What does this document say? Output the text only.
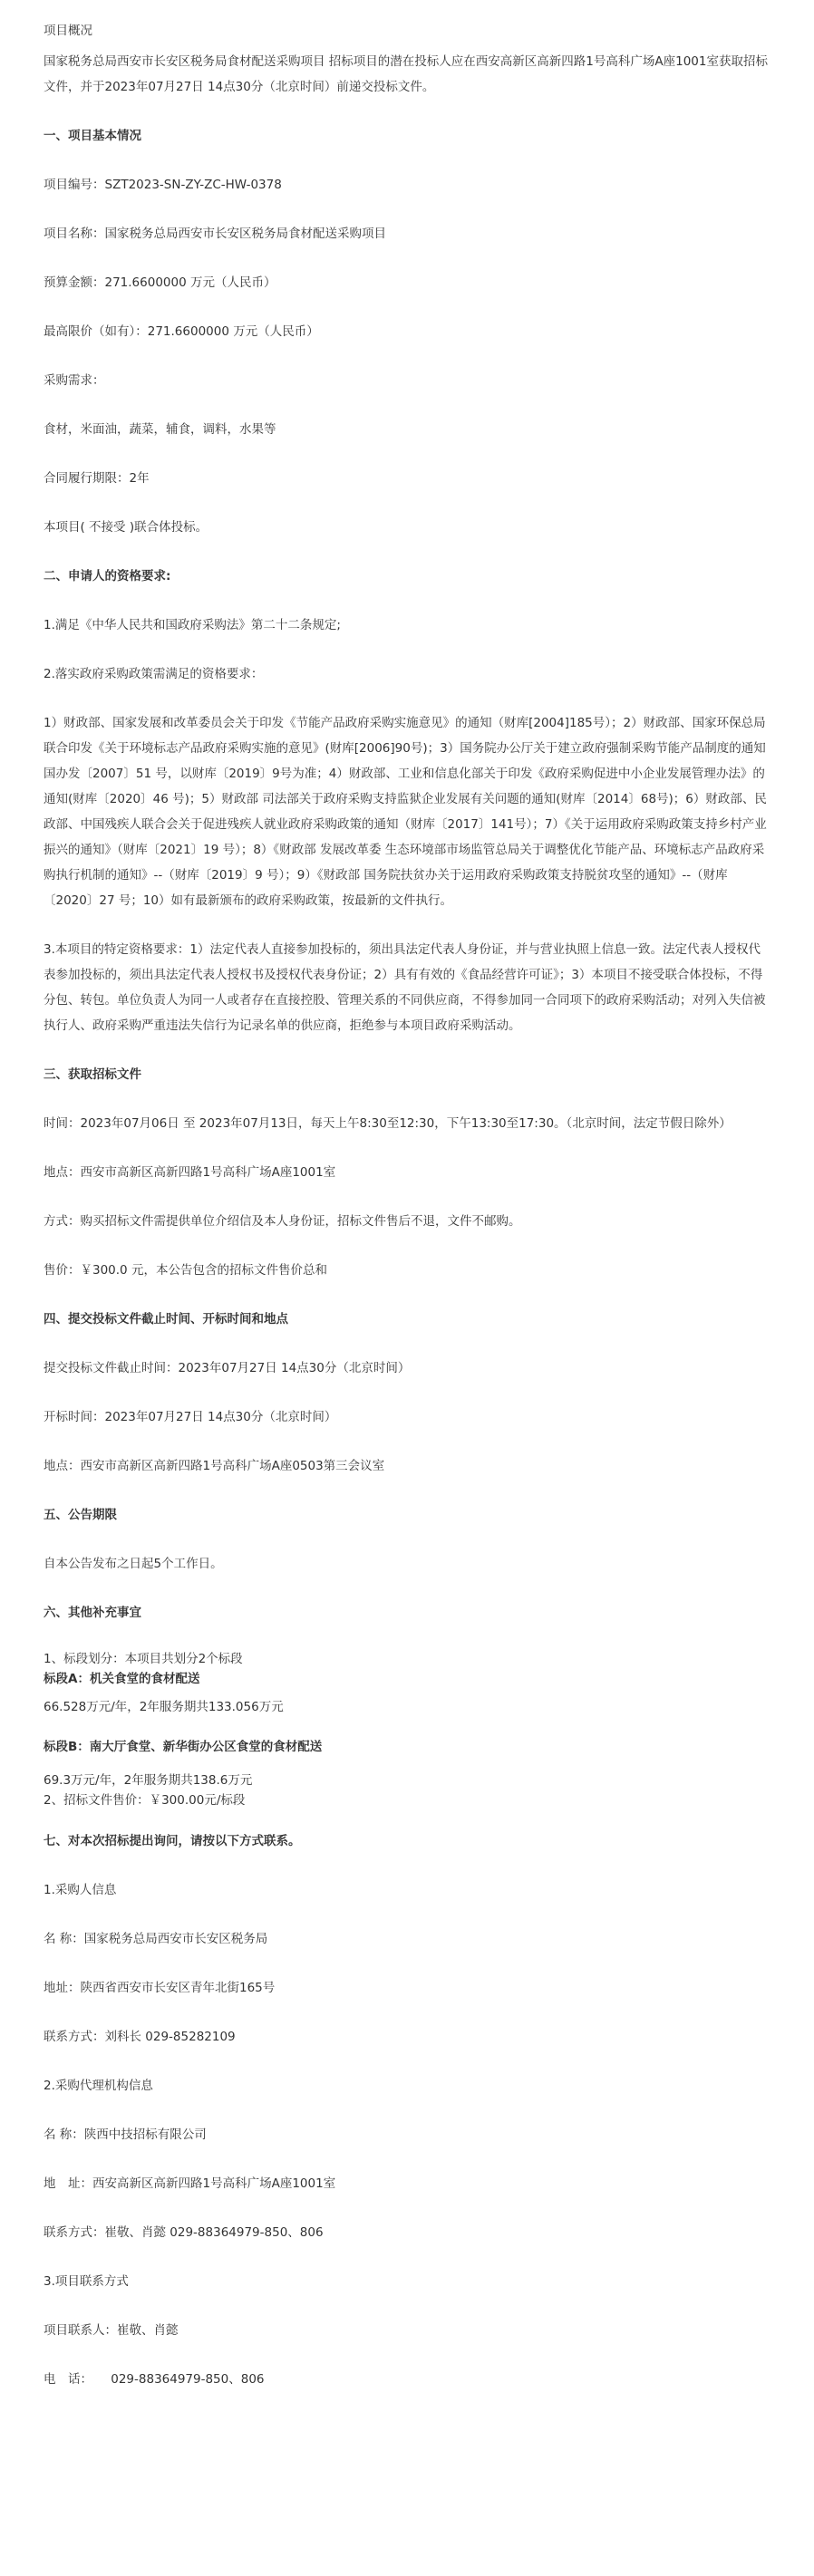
项目概况

国家税务总局西安市长安区税务局食材配送采购项目 招标项目的潜在投标人应在西安高新区高新四路1号高科广场A座1001室获取招标文件，并于2023年07月27日 14点30分（北京时间）前递交投标文件。

一、项目基本情况

项目编号：SZT2023-SN-ZY-ZC-HW-0378

项目名称：国家税务总局西安市长安区税务局食材配送采购项目

预算金额：271.6600000 万元（人民币）

最高限价（如有）：271.6600000 万元（人民币）

采购需求：

食材，米面油，蔬菜，辅食，调料，水果等

合同履行期限：2年

本项目( 不接受 )联合体投标。

二、申请人的资格要求:

1.满足《中华人民共和国政府采购法》第二十二条规定;

2.落实政府采购政策需满足的资格要求：

1）财政部、国家发展和改革委员会关于印发《节能产品政府采购实施意见》的通知（财库[2004]185号）；2）财政部、国家环保总局联合印发《关于环境标志产品政府采购实施的意见》(财库[2006]90号)；3）国务院办公厅关于建立政府强制采购节能产品制度的通知国办发〔2007〕51 号，以财库〔2019〕9号为准；4）财政部、工业和信息化部关于印发《政府采购促进中小企业发展管理办法》的通知(财库〔2020〕46 号)；5）财政部 司法部关于政府采购支持监狱企业发展有关问题的通知(财库〔2014〕68号)；6）财政部、民政部、中国残疾人联合会关于促进残疾人就业政府采购政策的通知（财库〔2017〕141号）；7）《关于运用政府采购政策支持乡村产业振兴的通知》（财库〔2021〕19 号）；8）《财政部 发展改革委 生态环境部市场监管总局关于调整优化节能产品、环境标志产品政府采购执行机制的通知》--（财库〔2019〕9 号）；9）《财政部 国务院扶贫办关于运用政府采购政策支持脱贫攻坚的通知》--（财库〔2020〕27 号；10）如有最新颁布的政府采购政策，按最新的文件执行。

3.本项目的特定资格要求：1）法定代表人直接参加投标的，须出具法定代表人身份证，并与营业执照上信息一致。法定代表人授权代表参加投标的，须出具法定代表人授权书及授权代表身份证；2）具有有效的《食品经营许可证》；3）本项目不接受联合体投标，不得分包、转包。单位负责人为同一人或者存在直接控股、管理关系的不同供应商，不得参加同一合同项下的政府采购活动；对列入失信被执行人、政府采购严重违法失信行为记录名单的供应商，拒绝参与本项目政府采购活动。

三、获取招标文件

时间：2023年07月06日 至 2023年07月13日，每天上午8:30至12:30，下午13:30至17:30。（北京时间，法定节假日除外）

地点：西安市高新区高新四路1号高科广场A座1001室

方式：购买招标文件需提供单位介绍信及本人身份证，招标文件售后不退，文件不邮购。

售价：￥300.0 元，本公告包含的招标文件售价总和

四、提交投标文件截止时间、开标时间和地点

提交投标文件截止时间：2023年07月27日 14点30分（北京时间）

开标时间：2023年07月27日 14点30分（北京时间）

地点：西安市高新区高新四路1号高科广场A座0503第三会议室

五、公告期限

自本公告发布之日起5个工作日。

六、其他补充事宜

1、标段划分：本项目共划分2个标段

标段A：机关食堂的食材配送

66.528万元/年，2年服务期共133.056万元

标段B：南大厅食堂、新华街办公区食堂的食材配送

69.3万元/年，2年服务期共138.6万元

2、招标文件售价：￥300.00元/标段

七、对本次招标提出询问，请按以下方式联系。

1.采购人信息

名 称：国家税务总局西安市长安区税务局

地址：陕西省西安市长安区青年北街165号

联系方式：刘科长 029-85282109

2.采购代理机构信息

名 称：陕西中技招标有限公司

地　址：西安高新区高新四路1号高科广场A座1001室

联系方式：崔敬、肖懿 029-88364979-850、806

3.项目联系方式

项目联系人：崔敬、肖懿

电　话：　　029-88364979-850、806
